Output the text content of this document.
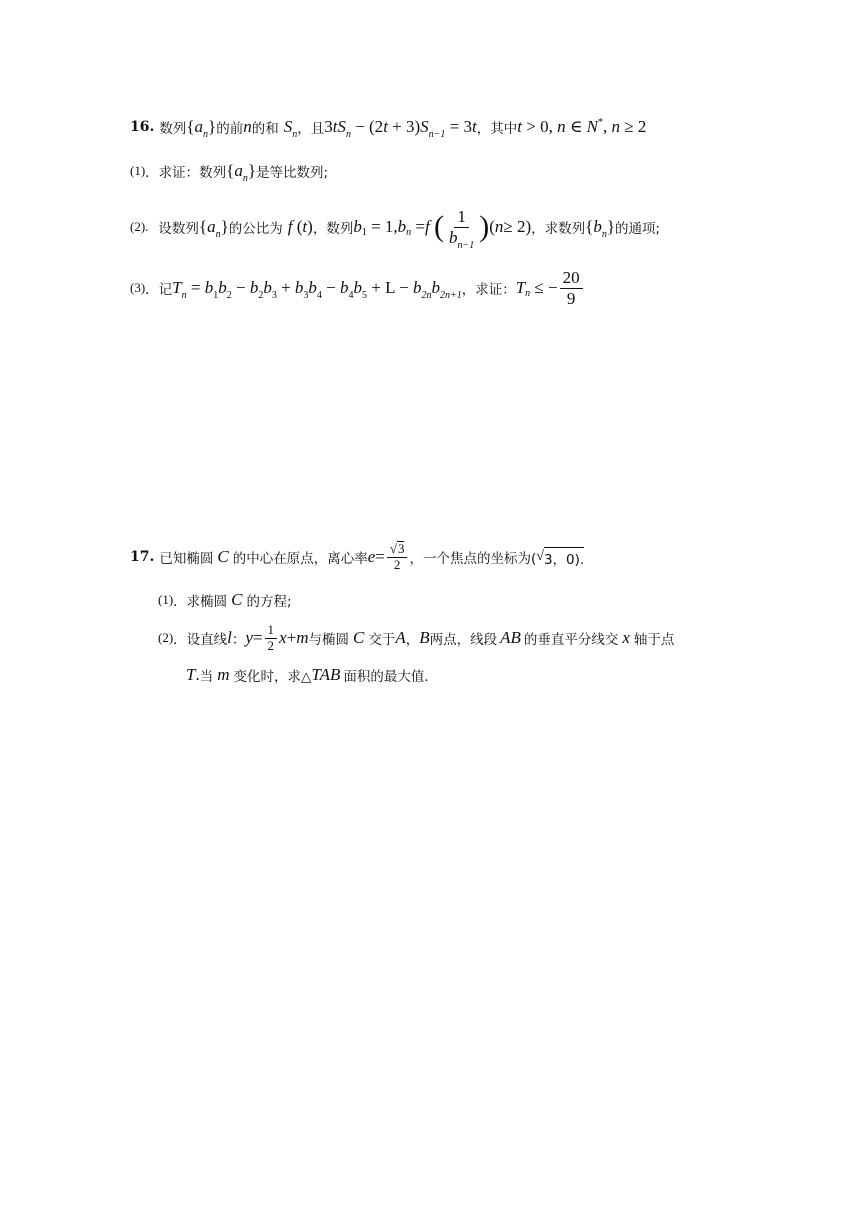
16. 数列 $\{a_n\}$ 的前 n 的和 $S_n$ ，且 $3tS_n - (2t + 3)S_{n-1} = 3t$ ，其中 t > 0, n ∈ N*, n ≥ 2
(1) ．求证：数列 $\{a_n\}$ 是等比数列;
(2). 设数列 $\{a_n\}$ 的公比为 f (t) ，数列 b 1 = 1, b n = f
( $\frac{1}{b_{n-1}}$ ) ( n ≥ 2) ，求数列 $\{b_n\}$ 的通项;
(3) ．记 $T_n = b_1b_2 - b_2b_3 + b_3b_4 - b_4b_5 + L - b_{2n}b_{2n+1}$ ，求证： T n ≤ − $\frac{20}{9}$
17. 已知椭圆 C 的中心在原点，离心率 $e = \frac{√3}{2}$ ，一个焦点的坐标为( √ 3，0).
(1) ．求椭圆 C 的方程;
(2) ．设直线 l ： $y = \frac{1}{2}$ x + m 与椭圆 C 交于 A ， B 两点，线段 AB 的垂直平分线交 x 轴于点
T . 当 m 变化时，求△ TAB 面积的最大值．
